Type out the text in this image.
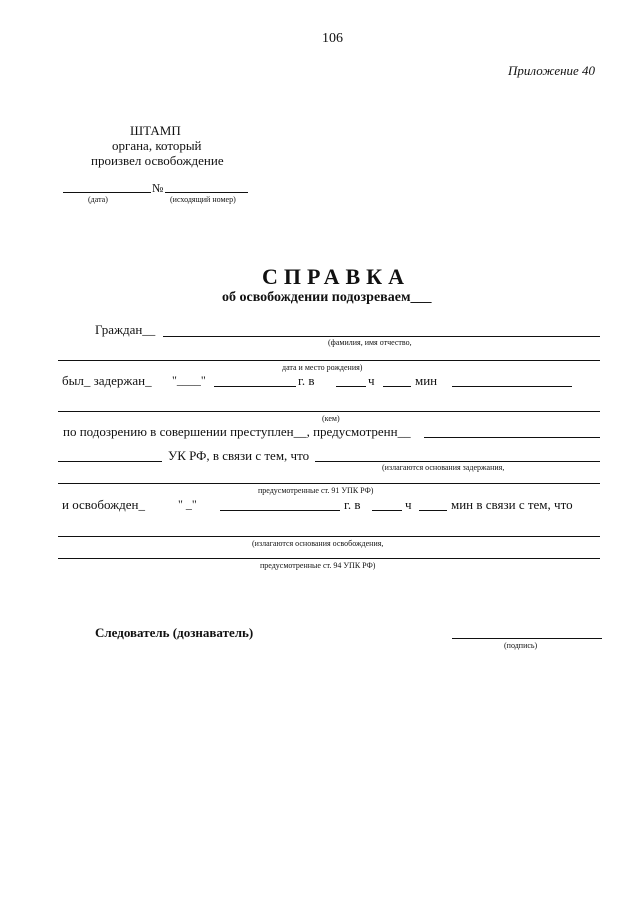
106
Приложение 40
ШТАМП
органа, который
произвел освобождение
№
(дата)	(исходящий номер)
СПРАВКА
об освобождении подозреваем___
Граждан__
(фамилия, имя отчество,
дата и место рождения)
был_ задержан_ "____"	г. в	ч	мин
(кем)
по подозрению в совершении преступлен__, предусмотренн__
УК РФ, в связи с тем, что
(излагаются основания задержания,
предусмотренные ст. 91 УПК РФ)
и освобожден_	" _"	г. в	ч	мин в связи с тем, что
(излагаются основания освобождения,
предусмотренные ст. 94 УПК РФ)
Следователь (дознаватель)
(подпись)
